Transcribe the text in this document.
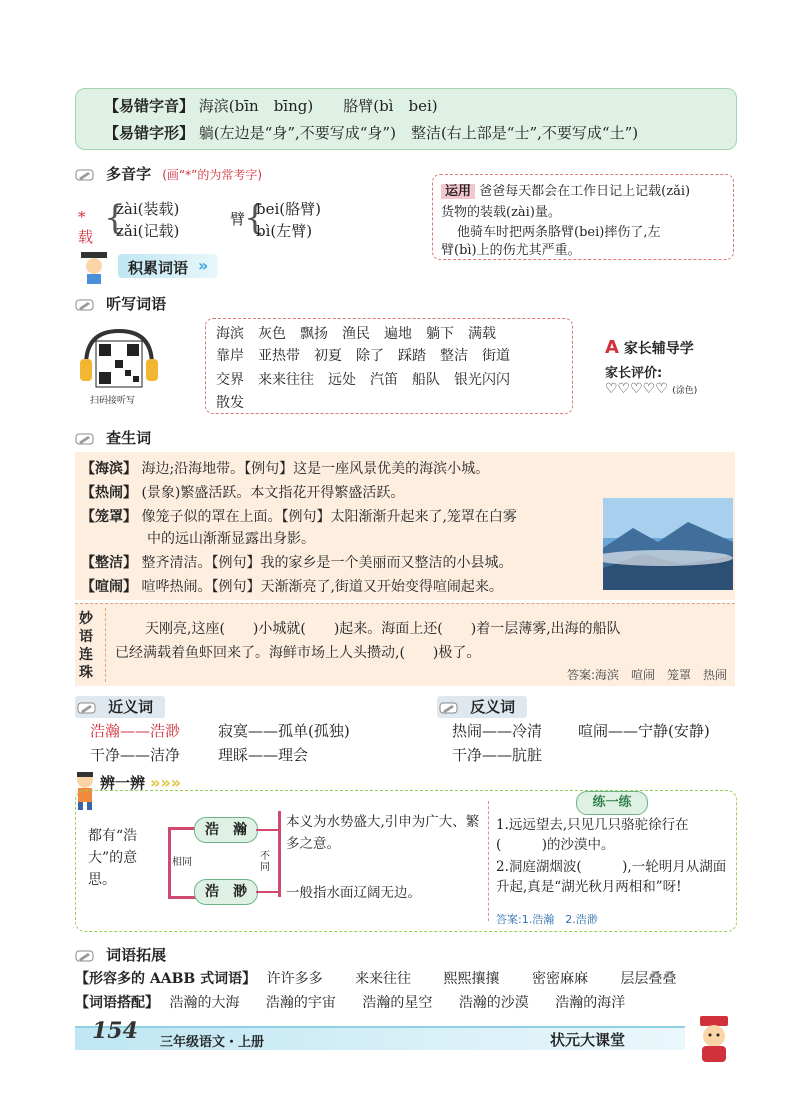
【易错字音】 海滨(bīn　bīng)　　胳臂(bì　bei)
【易错字形】 躺(左边是“身”,不要写成“身”)　整洁(右上部是“士”,不要写成“土”)
多音字 (画“*”的为常考字)
*载 {
zài(装载)
zǎi(记载)
臂
{
bei(胳臂)
bì(左臂)
运用 爸爸每天都会在工作日记上记载(zǎi)
货物的装载(zài)量。
他骑车时把两条胳臂(bei)摔伤了,左
臂(bì)上的伤尤其严重。
积累词语 »
听写词语
扫码接听写
海滨　灰色　飘扬　渔民　遍地　躺下　满载
靠岸　亚热带　初夏　除了　踩踏　整洁　街道
交界　来来往往　远处　汽笛　船队　银光闪闪
散发
A 家长辅导学
家长评价:
♡♡♡♡♡ (涂色)
查生词
【海滨】 海边;沿海地带。【例句】这是一座风景优美的海滨小城。
【热闹】 (景象)繁盛活跃。本文指花开得繁盛活跃。
【笼罩】 像笼子似的罩在上面。【例句】太阳渐渐升起来了,笼罩在白雾
中的远山渐渐显露出身影。
【整洁】 整齐清洁。【例句】我的家乡是一个美丽而又整洁的小县城。
【喧闹】 喧哗热闹。【例句】天渐渐亮了,街道又开始变得喧闹起来。
妙语连珠
天刚亮,这座(　　)小城就(　　)起来。海面上还(　　)着一层薄雾,出海的船队
已经满载着鱼虾回来了。海鲜市场上人头攒动,(　　)极了。
答案:海滨　喧闹　笼罩　热闹
近义词
浩瀚——浩渺	寂寞——孤单(孤独)
干净——洁净	理睬——理会
反义词
热闹——冷清 喧闹——宁静(安静)
干净——肮脏
辨一辨 »»»
都有“浩大”的意思。
相同
浩　瀚
浩　渺
不同
本义为水势盛大,引申为广大、繁多之意。
一般指水面辽阔无边。
练一练
1.远远望去,只见几只骆驼徐行在(　　　)的沙漠中。
2.洞庭湖烟波(　　　),一轮明月从湖面升起,真是“湖光秋月两相和”呀!
答案:1.浩瀚　2.浩渺
词语拓展
【形容多的 AABB 式词语】 许许多多 来来往往 熙熙攘攘 密密麻麻 层层叠叠
【词语搭配】 浩瀚的大海 浩瀚的宇宙 浩瀚的星空 浩瀚的沙漠 浩瀚的海洋
154 三年级语文・上册	状元大课堂
